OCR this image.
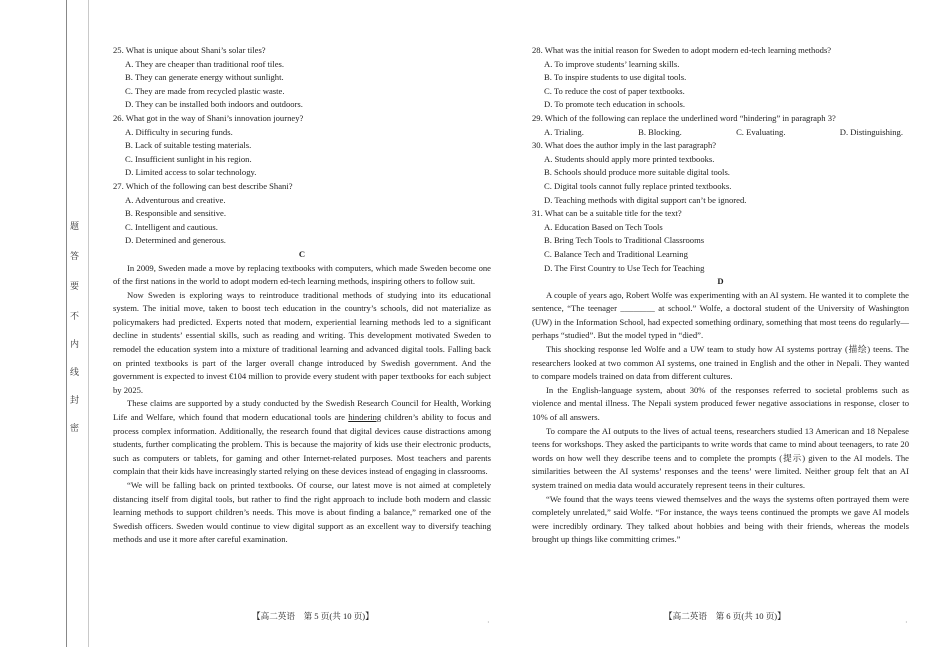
题
答
要
不
内
线
封
密

25. What is unique about Shani’s solar tiles?

A. They are cheaper than traditional roof tiles.

B. They can generate energy without sunlight.

C. They are made from recycled plastic waste.

D. They can be installed both indoors and outdoors.

26. What got in the way of Shani’s innovation journey?

A. Difficulty in securing funds.

B. Lack of suitable testing materials.

C. Insufficient sunlight in his region.

D. Limited access to solar technology.

27. Which of the following can best describe Shani?

A. Adventurous and creative.

B. Responsible and sensitive.

C. Intelligent and cautious.

D. Determined and generous.

C

In 2009, Sweden made a move by replacing textbooks with computers, which made Sweden become one of the first nations in the world to adopt modern ed-tech learning methods, inspiring others to follow suit.

Now Sweden is exploring ways to reintroduce traditional methods of studying into its educational system. The initial move, taken to boost tech education in the country’s schools, did not materialize as policymakers had predicted. Experts noted that modern, experiential learning methods led to a significant decline in students’ essential skills, such as reading and writing. This development motivated Sweden to remodel the education system into a mixture of traditional learning and advanced digital tools. Falling back on printed textbooks is part of the larger overall change introduced by Swedish government. And the government is expected to invest €104 million to provide every student with paper textbooks for each subject by 2025.

These claims are supported by a study conducted by the Swedish Research Council for Health, Working Life and Welfare, which found that modern educational tools are hindering children’s ability to focus and process complex information. Additionally, the research found that digital devices cause distractions among students, further complicating the problem. This is because the majority of kids use their electronic products, such as computers or tablets, for gaming and other Internet-related purposes. Most teachers and parents complain that their kids have increasingly started relying on these devices instead of engaging in classrooms.

“We will be falling back on printed textbooks. Of course, our latest move is not aimed at completely distancing itself from digital tools, but rather to find the right approach to include both modern and classic learning methods to support children’s needs. This move is about finding a balance,” remarked one of the Swedish officers. Sweden would continue to view digital support as an excellent way to diversify teaching methods and use it more after careful examination.

28. What was the initial reason for Sweden to adopt modern ed-tech learning methods?

A. To improve students’ learning skills.

B. To inspire students to use digital tools.

C. To reduce the cost of paper textbooks.

D. To promote tech education in schools.

29. Which of the following can replace the underlined word “hindering” in paragraph 3?

A. Trialing.	B. Blocking.	C. Evaluating.	D. Distinguishing.

30. What does the author imply in the last paragraph?

A. Students should apply more printed textbooks.

B. Schools should produce more suitable digital tools.

C. Digital tools cannot fully replace printed textbooks.

D. Teaching methods with digital support can’t be ignored.

31. What can be a suitable title for the text?

A. Education Based on Tech Tools

B. Bring Tech Tools to Traditional Classrooms

C. Balance Tech and Traditional Learning

D. The First Country to Use Tech for Teaching

D

A couple of years ago, Robert Wolfe was experimenting with an AI system. He wanted it to complete the sentence, “The teenager ________ at school.” Wolfe, a doctoral student of the University of Washington (UW) in the Information School, had expected something ordinary, something that most teens do regularly—perhaps “studied”. But the model typed in “died”.

This shocking response led Wolfe and a UW team to study how AI systems portray (描绘) teens. The researchers looked at two common AI systems, one trained in English and the other in Nepali. They wanted to compare models trained on data from different cultures.

In the English-language system, about 30% of the responses referred to societal problems such as violence and mental illness. The Nepali system produced fewer negative associations in response, closer to 10% of all answers.

To compare the AI outputs to the lives of actual teens, researchers studied 13 American and 18 Nepalese teens for workshops. They asked the participants to write words that came to mind about teenagers, to rate 20 words on how well they describe teens and to complete the prompts (提示) given to the AI models. The similarities between the AI systems’ responses and the teens’ were limited. Neither group felt that an AI system trained on media data would accurately represent teens in their cultures.

“We found that the ways teens viewed themselves and the ways the systems often portrayed them were completely unrelated,” said Wolfe. “For instance, the ways teens continued the prompts we gave AI models were incredibly ordinary. They talked about hobbies and being with their friends, whereas the models brought up things like committing crimes.”

【高二英语　第 5 页(共 10 页)】	【高二英语　第 6 页(共 10 页)】
·	·
